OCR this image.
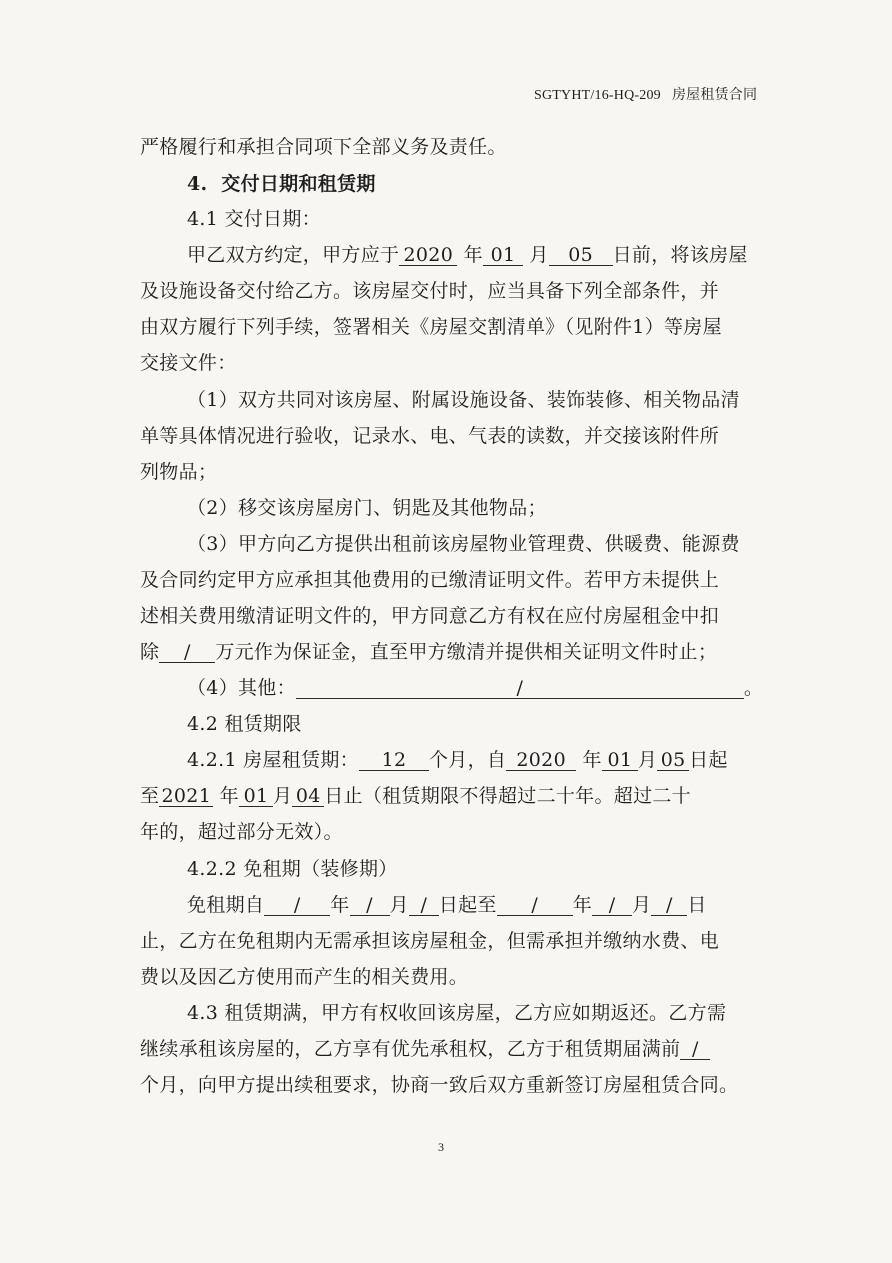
SGTYHT/16-HQ-209 房屋租赁合同
严格履行和承担合同项下全部义务及责任。
4. 交付日期和租赁期
4.1 交付日期：
甲乙双方约定，甲方应于 2020 年 01 月 05 日前，将该房屋
及设施设备交付给乙方。该房屋交付时，应当具备下列全部条件，并
由双方履行下列手续，签署相关《房屋交割清单》（见附件1）等房屋
交接文件：
（1）双方共同对该房屋、附属设施设备、装饰装修、相关物品清
单等具体情况进行验收，记录水、电、气表的读数，并交接该附件所
列物品；
（2）移交该房屋房门、钥匙及其他物品；
（3）甲方向乙方提供出租前该房屋物业管理费、供暖费、能源费
及合同约定甲方应承担其他费用的已缴清证明文件。若甲方未提供上
述相关费用缴清证明文件的，甲方同意乙方有权在应付房屋租金中扣
除 / 万元作为保证金，直至甲方缴清并提供相关证明文件时止；
（4）其他：	/	。
4.2 租赁期限
4.2.1 房屋租赁期： 12 个月，自 2020 年 01 月 05 日起
至 2021 年 01 月 04 日止（租赁期限不得超过二十年。超过二十
年的，超过部分无效）。
4.2.2 免租期（装修期）
免租期自 / 年 / 月 / 日起至 / 年 / 月 / 日
止，乙方在免租期内无需承担该房屋租金，但需承担并缴纳水费、电
费以及因乙方使用而产生的相关费用。
4.3 租赁期满，甲方有权收回该房屋，乙方应如期返还。乙方需
继续承租该房屋的，乙方享有优先承租权，乙方于租赁期届满前 /
个月，向甲方提出续租要求，协商一致后双方重新签订房屋租赁合同。
3
